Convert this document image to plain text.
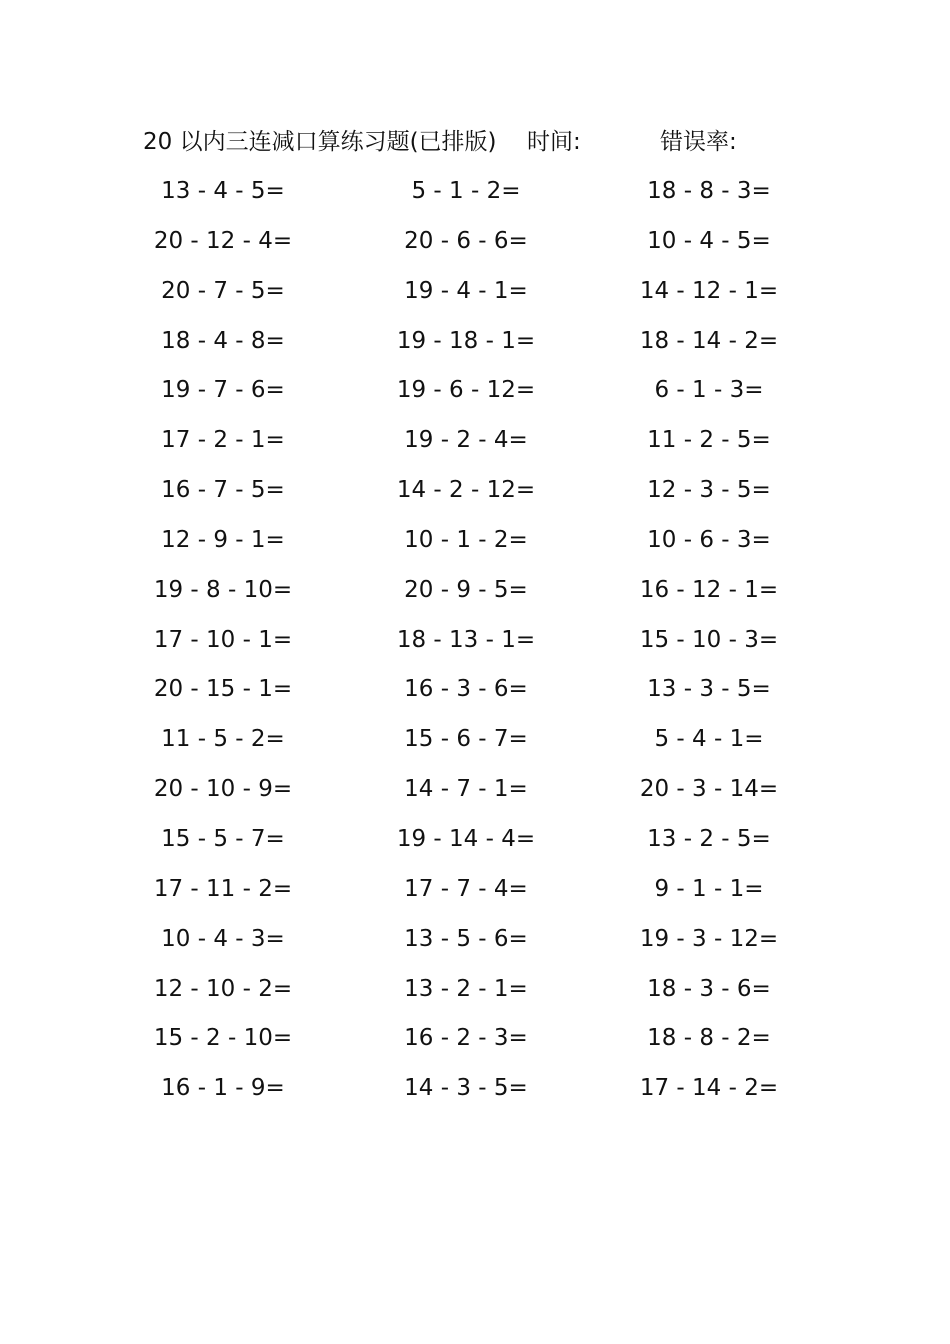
20 以内三连减口算练习题(已排版) 时间:	错误率:
13 - 4 - 5=	5 - 1 - 2=	18 - 8 - 3=
20 - 12 - 4=	20 - 6 - 6=	10 - 4 - 5=
20 - 7 - 5=	19 - 4 - 1=	14 - 12 - 1=
18 - 4 - 8=	19 - 18 - 1=	18 - 14 - 2=
19 - 7 - 6=	19 - 6 - 12=	6 - 1 - 3=
17 - 2 - 1=	19 - 2 - 4=	11 - 2 - 5=
16 - 7 - 5=	14 - 2 - 12=	12 - 3 - 5=
12 - 9 - 1=	10 - 1 - 2=	10 - 6 - 3=
19 - 8 - 10=	20 - 9 - 5=	16 - 12 - 1=
17 - 10 - 1=	18 - 13 - 1=	15 - 10 - 3=
20 - 15 - 1=	16 - 3 - 6=	13 - 3 - 5=
11 - 5 - 2=	15 - 6 - 7=	5 - 4 - 1=
20 - 10 - 9=	14 - 7 - 1=	20 - 3 - 14=
15 - 5 - 7=	19 - 14 - 4=	13 - 2 - 5=
17 - 11 - 2=	17 - 7 - 4=	9 - 1 - 1=
10 - 4 - 3=	13 - 5 - 6=	19 - 3 - 12=
12 - 10 - 2=	13 - 2 - 1=	18 - 3 - 6=
15 - 2 - 10=	16 - 2 - 3=	18 - 8 - 2=
16 - 1 - 9=	14 - 3 - 5=	17 - 14 - 2=
